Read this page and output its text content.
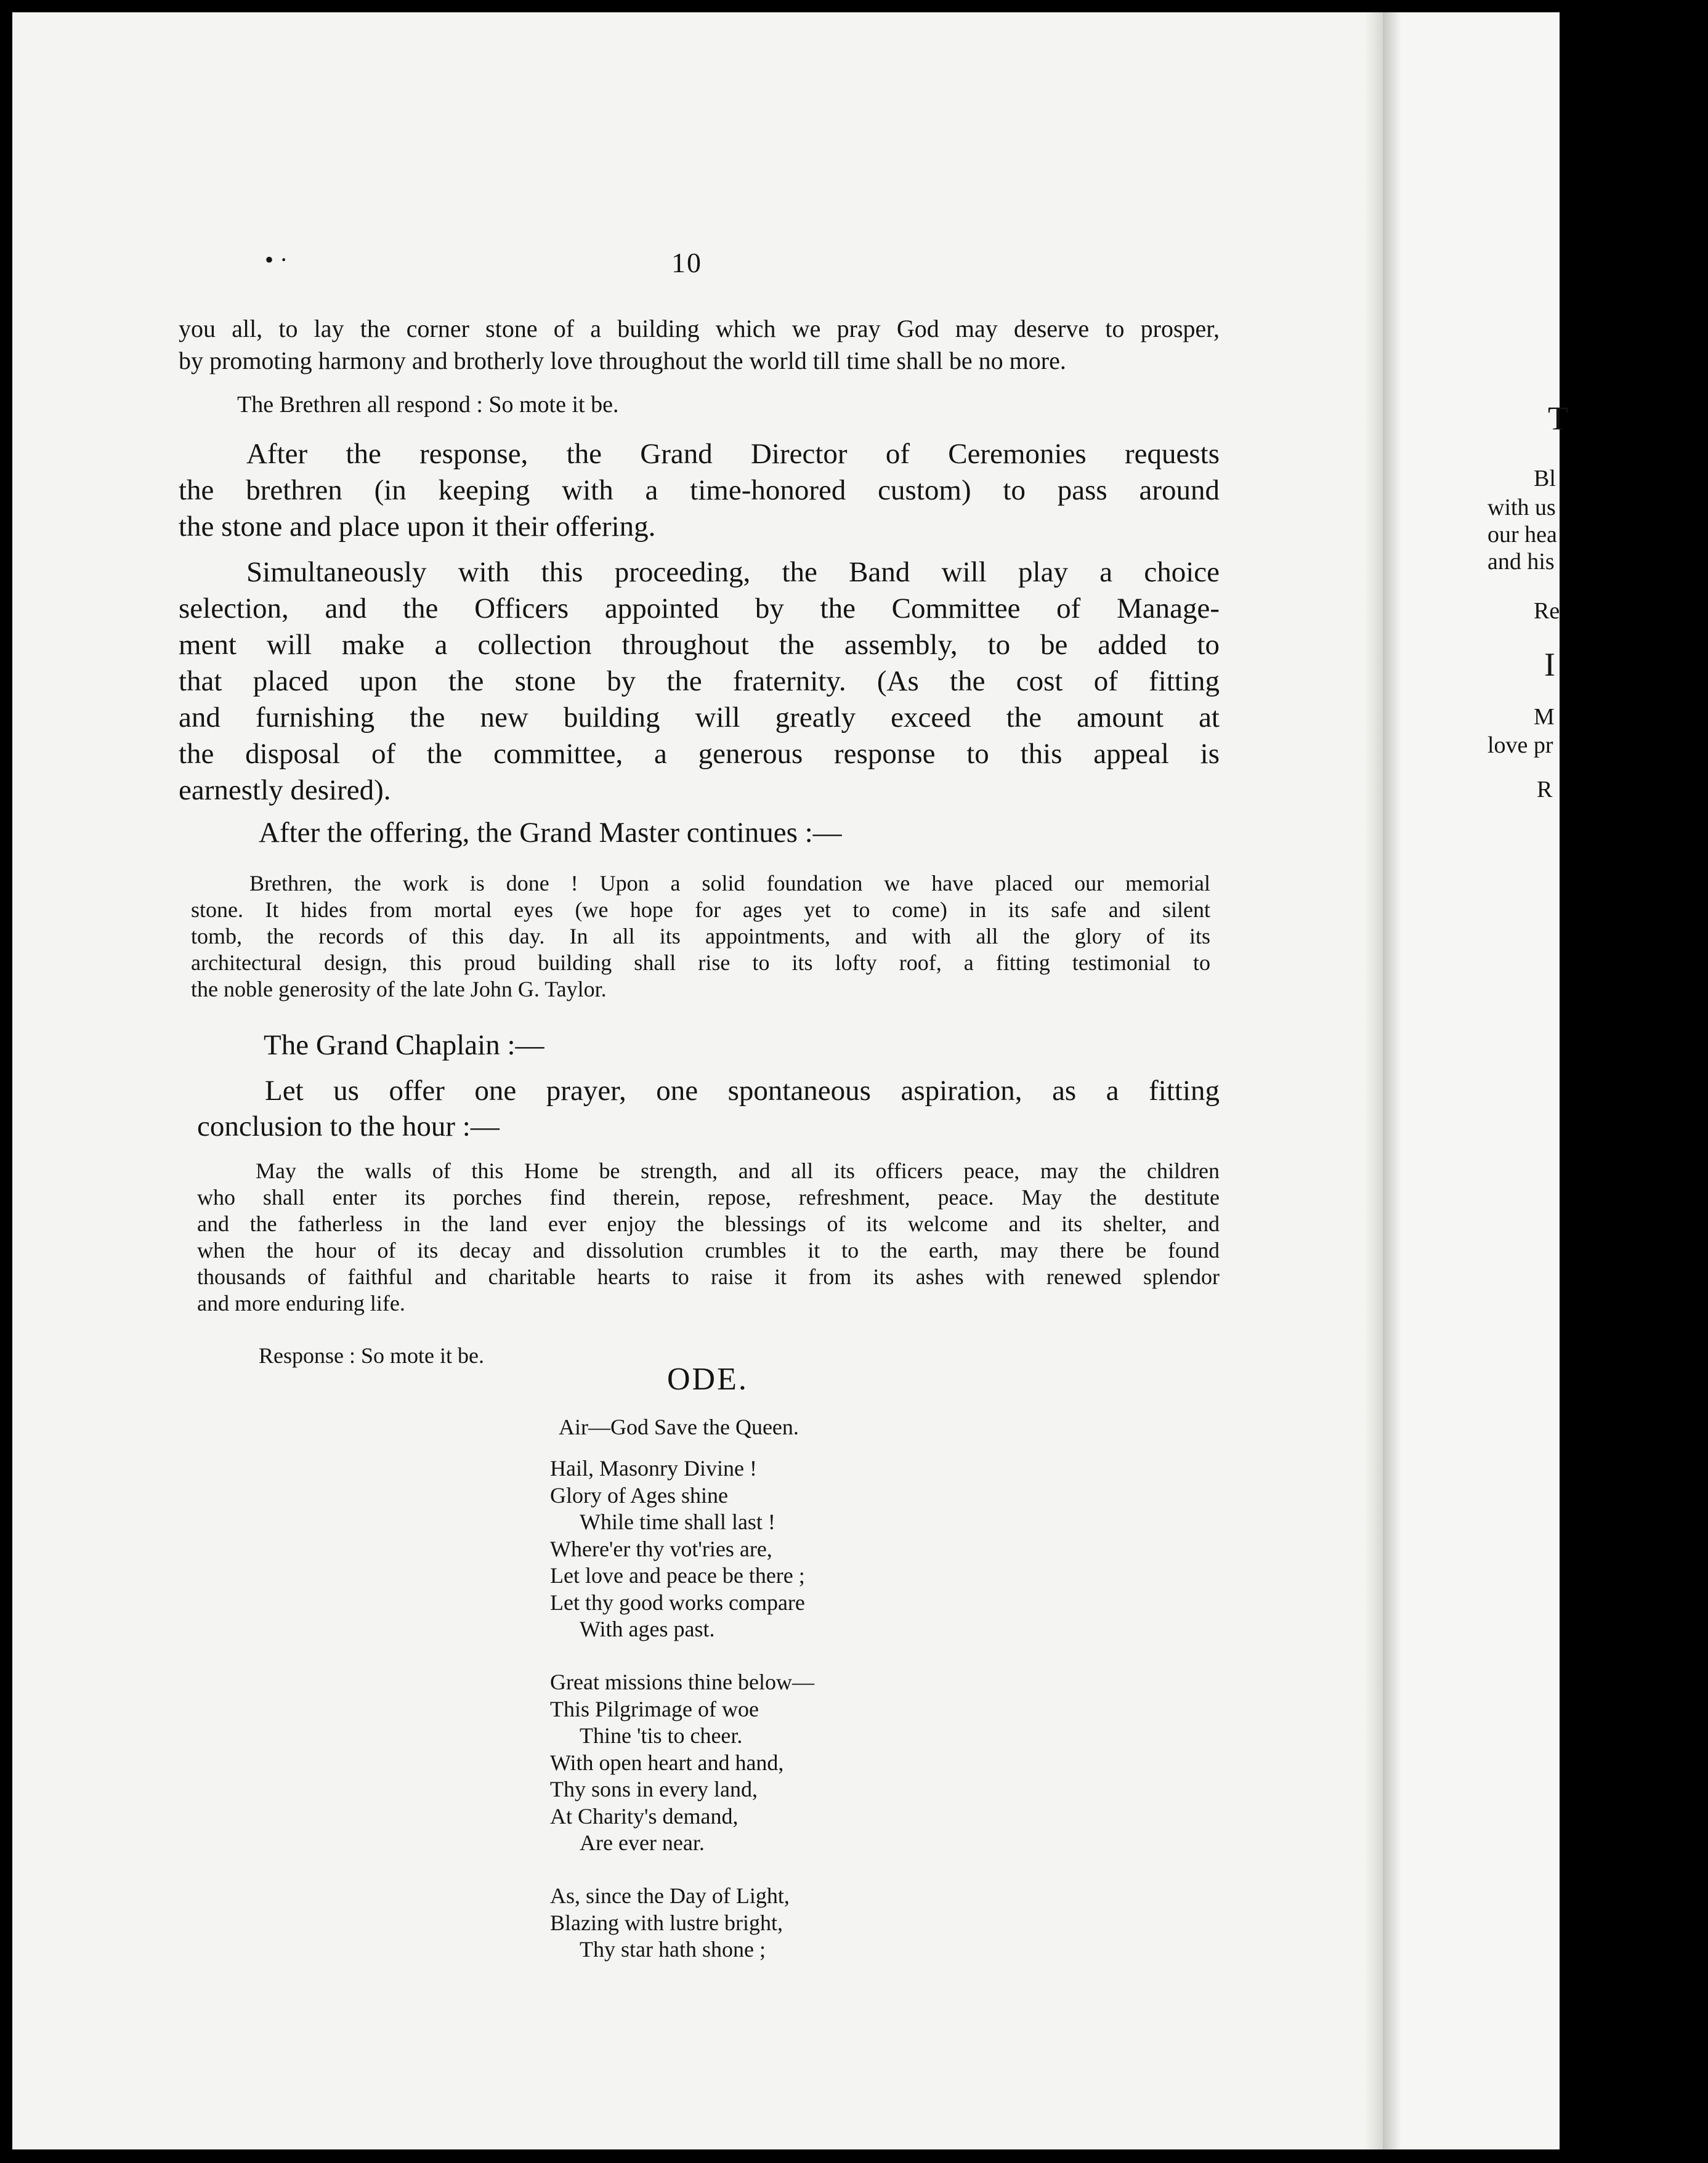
• ·	10
you all, to lay the corner stone of a building which we pray God may deserve to prosper,
by promoting harmony and brotherly love throughout the world till time shall be no more.
The Brethren all respond : So mote it be.
After the response, the Grand Director of Ceremonies requests
the brethren (in keeping with a time-honored custom) to pass around
the stone and place upon it their offering.
Simultaneously with this proceeding, the Band will play a choice
selection, and the Officers appointed by the Committee of Manage-
ment will make a collection throughout the assembly, to be added to
that placed upon the stone by the fraternity. (As the cost of fitting
and furnishing the new building will greatly exceed the amount at
the disposal of the committee, a generous response to this appeal is
earnestly desired).
After the offering, the Grand Master continues :—
Brethren, the work is done ! Upon a solid foundation we have placed our memorial
stone. It hides from mortal eyes (we hope for ages yet to come) in its safe and silent
tomb, the records of this day. In all its appointments, and with all the glory of its
architectural design, this proud building shall rise to its lofty roof, a fitting testimonial to
the noble generosity of the late John G. Taylor.
The Grand Chaplain :—
Let us offer one prayer, one spontaneous aspiration, as a fitting
conclusion to the hour :—
May the walls of this Home be strength, and all its officers peace, may the children
who shall enter its porches find therein, repose, refreshment, peace. May the destitute
and the fatherless in the land ever enjoy the blessings of its welcome and its shelter, and
when the hour of its decay and dissolution crumbles it to the earth, may there be found
thousands of faithful and charitable hearts to raise it from its ashes with renewed splendor
and more enduring life.
Response : So mote it be.
ODE.
Air—God Save the Queen.
Hail, Masonry Divine !
Glory of Ages shine
While time shall last !
Where'er thy vot'ries are,
Let love and peace be there ;
Let thy good works compare
With ages past.
Great missions thine below—
This Pilgrimage of woe
Thine 'tis to cheer.
With open heart and hand,
Thy sons in every land,
At Charity's demand,
Are ever near.
As, since the Day of Light,
Blazing with lustre bright,
Thy star hath shone ;
T
Bl
with us
our hea
and his
Re
I
M
love pr
R
